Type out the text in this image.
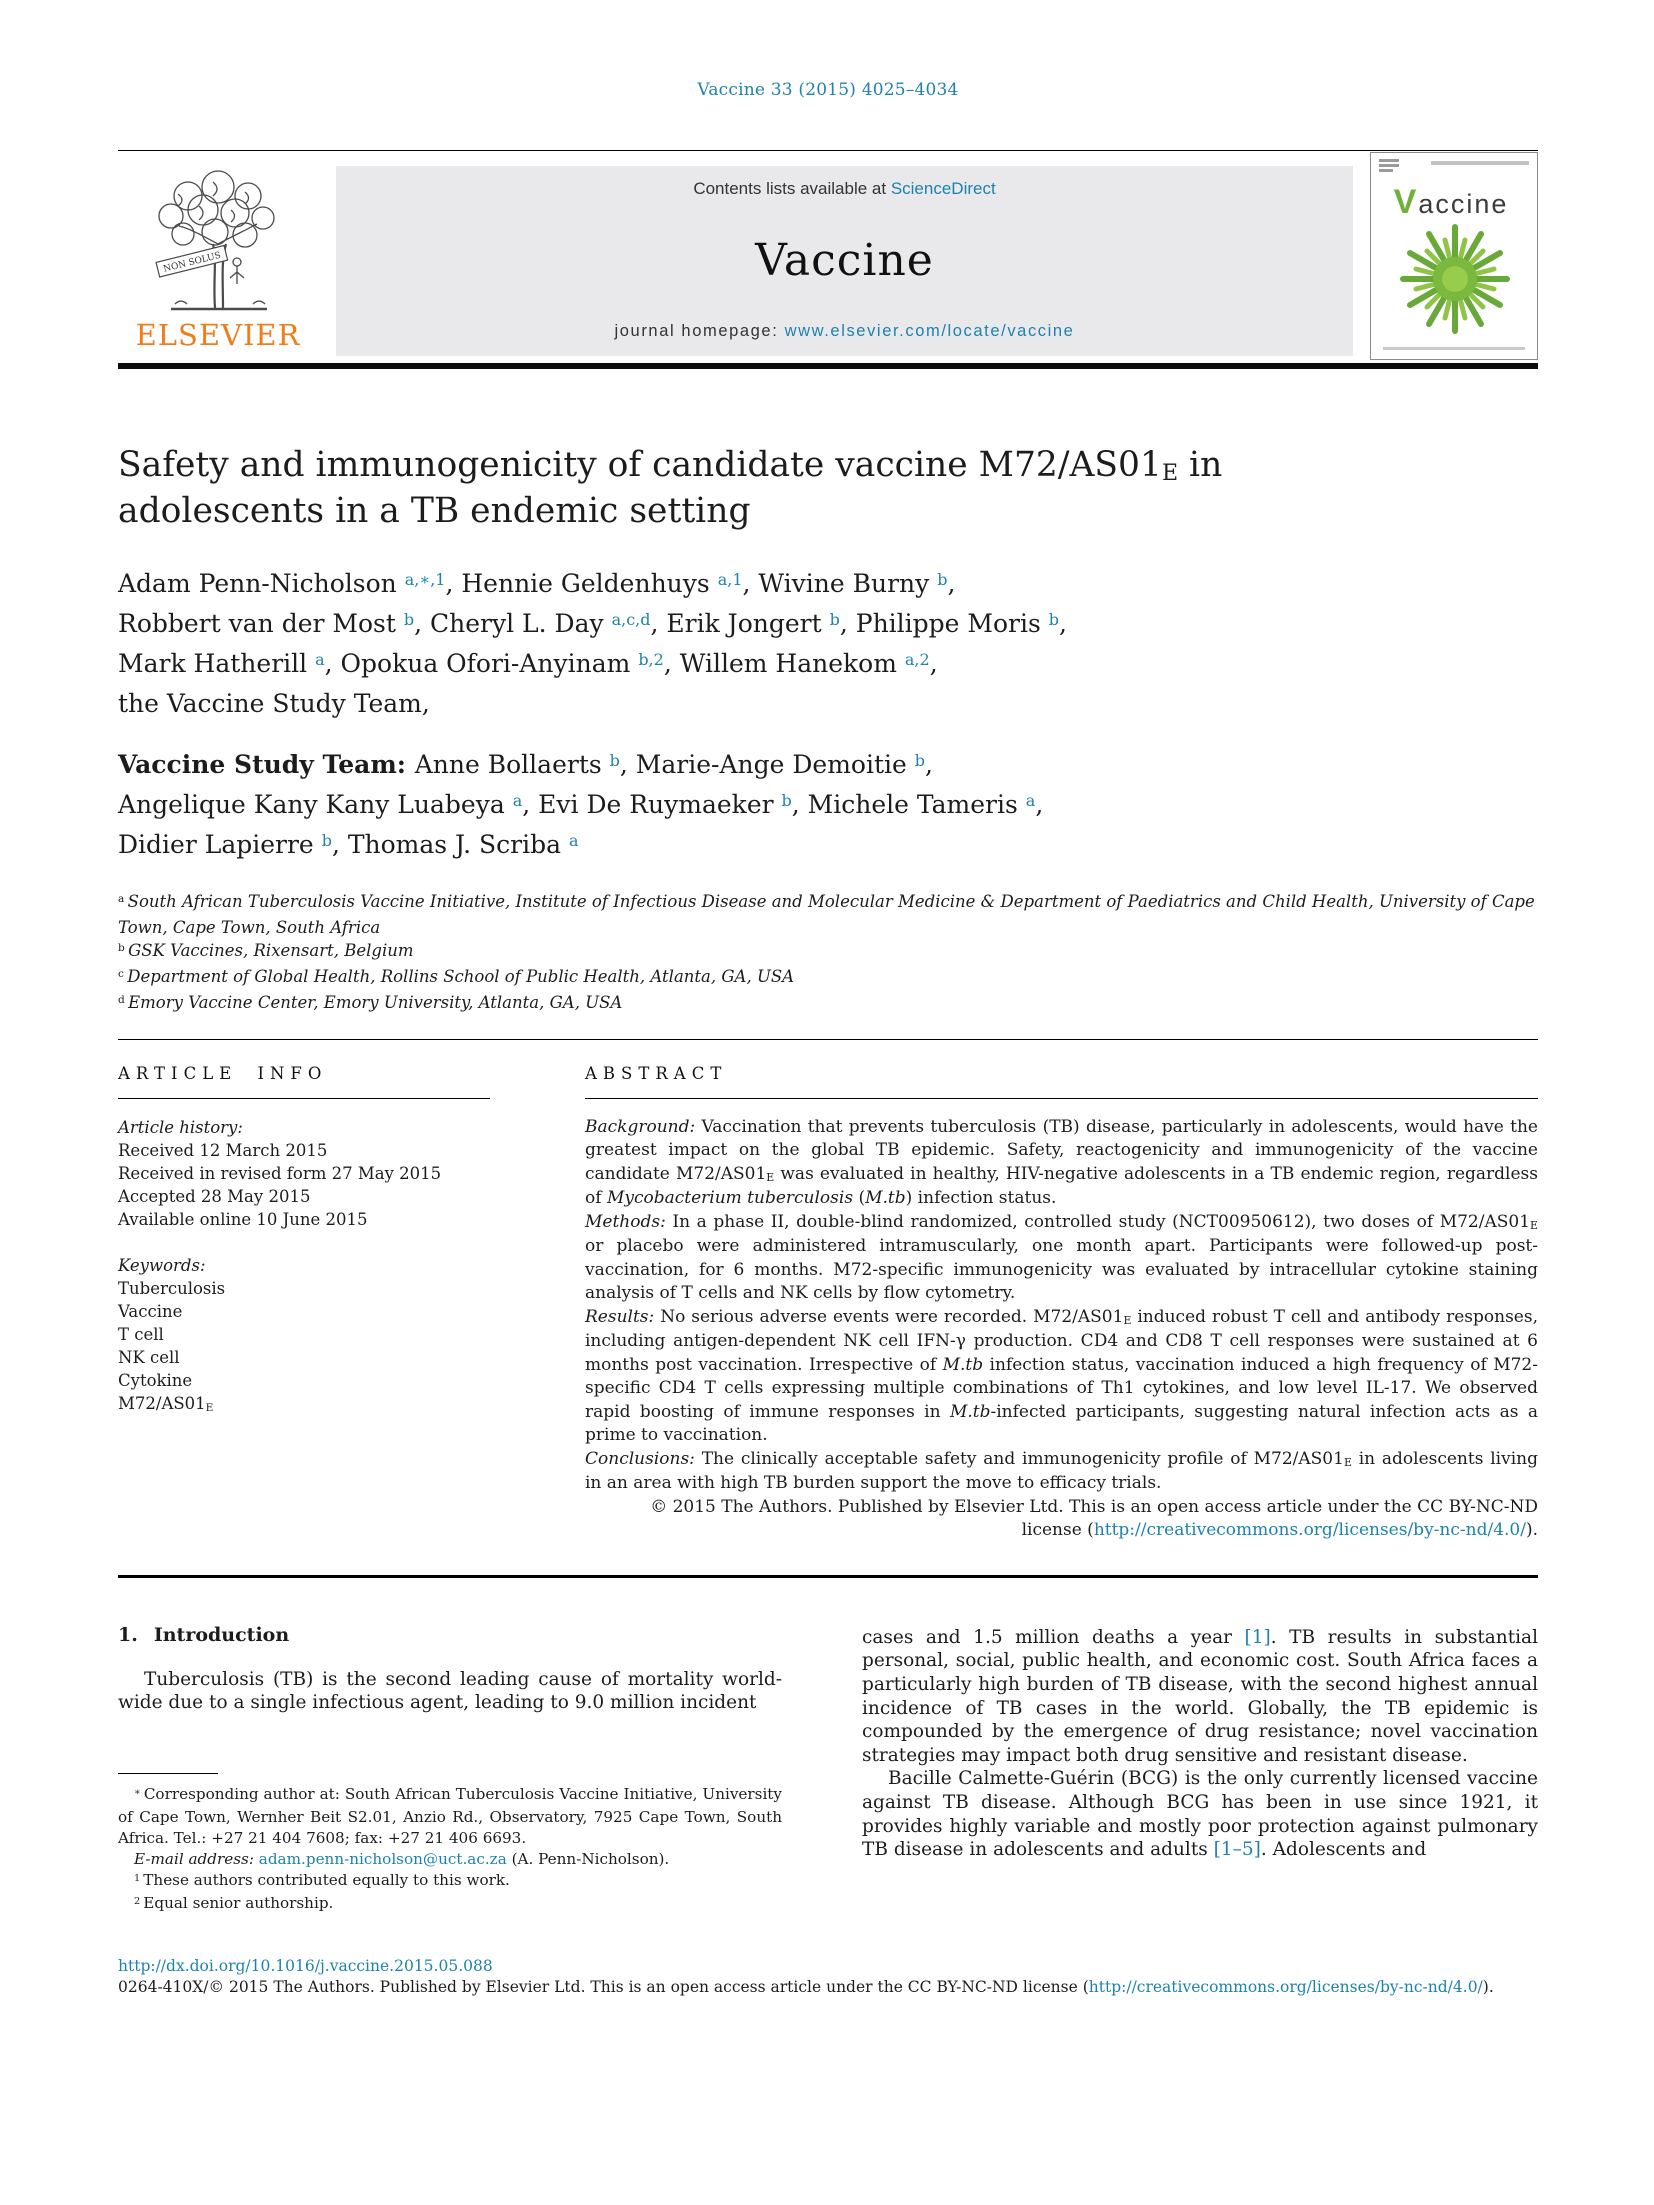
Vaccine 33 (2015) 4025–4034
NON SOLUS
ELSEVIER
Contents lists available at ScienceDirect
Vaccine
journal homepage: www.elsevier.com/locate/vaccine
Vaccine
Safety and immunogenicity of candidate vaccine M72/AS01E in adolescents in a TB endemic setting
Adam Penn-Nicholson $^{a,∗,1}$, Hennie Geldenhuys $^{a,1}$, Wivine Burny $^b$,
Robbert van der Most $^b$, Cheryl L. Day $^{a,c,d}$, Erik Jongert $^b$, Philippe Moris $^b$,
Mark Hatherill $^a$, Opokua Ofori-Anyinam $^{b,2}$, Willem Hanekom $^{a,2}$,
the Vaccine Study Team,
Vaccine Study Team: Anne Bollaerts $^b$, Marie-Ange Demoitie $^b$,
Angelique Kany Kany Luabeya $^a$, Evi De Ruymaeker $^b$, Michele Tameris $^a$,
Didier Lapierre $^b$, Thomas J. Scriba $^a$
$^a$ South African Tuberculosis Vaccine Initiative, Institute of Infectious Disease and Molecular Medicine & Department of Paediatrics and Child Health, University of Cape Town, Cape Town, South Africa
$^b$ GSK Vaccines, Rixensart, Belgium
$^c$ Department of Global Health, Rollins School of Public Health, Atlanta, GA, USA
$^d$ Emory Vaccine Center, Emory University, Atlanta, GA, USA
ARTICLE INFO

Article history:

Received 12 March 2015

Received in revised form 27 May 2015

Accepted 28 May 2015

Available online 10 June 2015

Keywords:

Tuberculosis

Vaccine

T cell

NK cell

Cytokine

M72/AS01E

ABSTRACT

Background: Vaccination that prevents tuberculosis (TB) disease, particularly in adolescents, would have the greatest impact on the global TB epidemic. Safety, reactogenicity and immunogenicity of the vaccine candidate M72/AS01E was evaluated in healthy, HIV-negative adolescents in a TB endemic region, regardless of Mycobacterium tuberculosis (M.tb) infection status.

Methods: In a phase II, double-blind randomized, controlled study (NCT00950612), two doses of M72/AS01E or placebo were administered intramuscularly, one month apart. Participants were followed-up post-vaccination, for 6 months. M72-specific immunogenicity was evaluated by intracellular cytokine staining analysis of T cells and NK cells by flow cytometry.

Results: No serious adverse events were recorded. M72/AS01E induced robust T cell and antibody responses, including antigen-dependent NK cell IFN-γ production. CD4 and CD8 T cell responses were sustained at 6 months post vaccination. Irrespective of M.tb infection status, vaccination induced a high frequency of M72-specific CD4 T cells expressing multiple combinations of Th1 cytokines, and low level IL-17. We observed rapid boosting of immune responses in M.tb-infected participants, suggesting natural infection acts as a prime to vaccination.

Conclusions: The clinically acceptable safety and immunogenicity profile of M72/AS01E in adolescents living in an area with high TB burden support the move to efficacy trials.

© 2015 The Authors. Published by Elsevier Ltd. This is an open access article under the CC BY-NC-ND license (http://creativecommons.org/licenses/by-nc-nd/4.0/).

1. Introduction

Tuberculosis (TB) is the second leading cause of mortality world-wide due to a single infectious agent, leading to 9.0 million incident

∗ Corresponding author at: South African Tuberculosis Vaccine Initiative, University of Cape Town, Wernher Beit S2.01, Anzio Rd., Observatory, 7925 Cape Town, South Africa. Tel.: +27 21 404 7608; fax: +27 21 406 6693.

E-mail address: adam.penn-nicholson@uct.ac.za (A. Penn-Nicholson).

$^1$ These authors contributed equally to this work.

$^2$ Equal senior authorship.

cases and 1.5 million deaths a year [1]. TB results in substantial personal, social, public health, and economic cost. South Africa faces a particularly high burden of TB disease, with the second highest annual incidence of TB cases in the world. Globally, the TB epidemic is compounded by the emergence of drug resistance; novel vaccination strategies may impact both drug sensitive and resistant disease.

Bacille Calmette-Guérin (BCG) is the only currently licensed vaccine against TB disease. Although BCG has been in use since 1921, it provides highly variable and mostly poor protection against pulmonary TB disease in adolescents and adults [1–5]. Adolescents and

http://dx.doi.org/10.1016/j.vaccine.2015.05.088

0264-410X/© 2015 The Authors. Published by Elsevier Ltd. This is an open access article under the CC BY-NC-ND license (http://creativecommons.org/licenses/by-nc-nd/4.0/).
